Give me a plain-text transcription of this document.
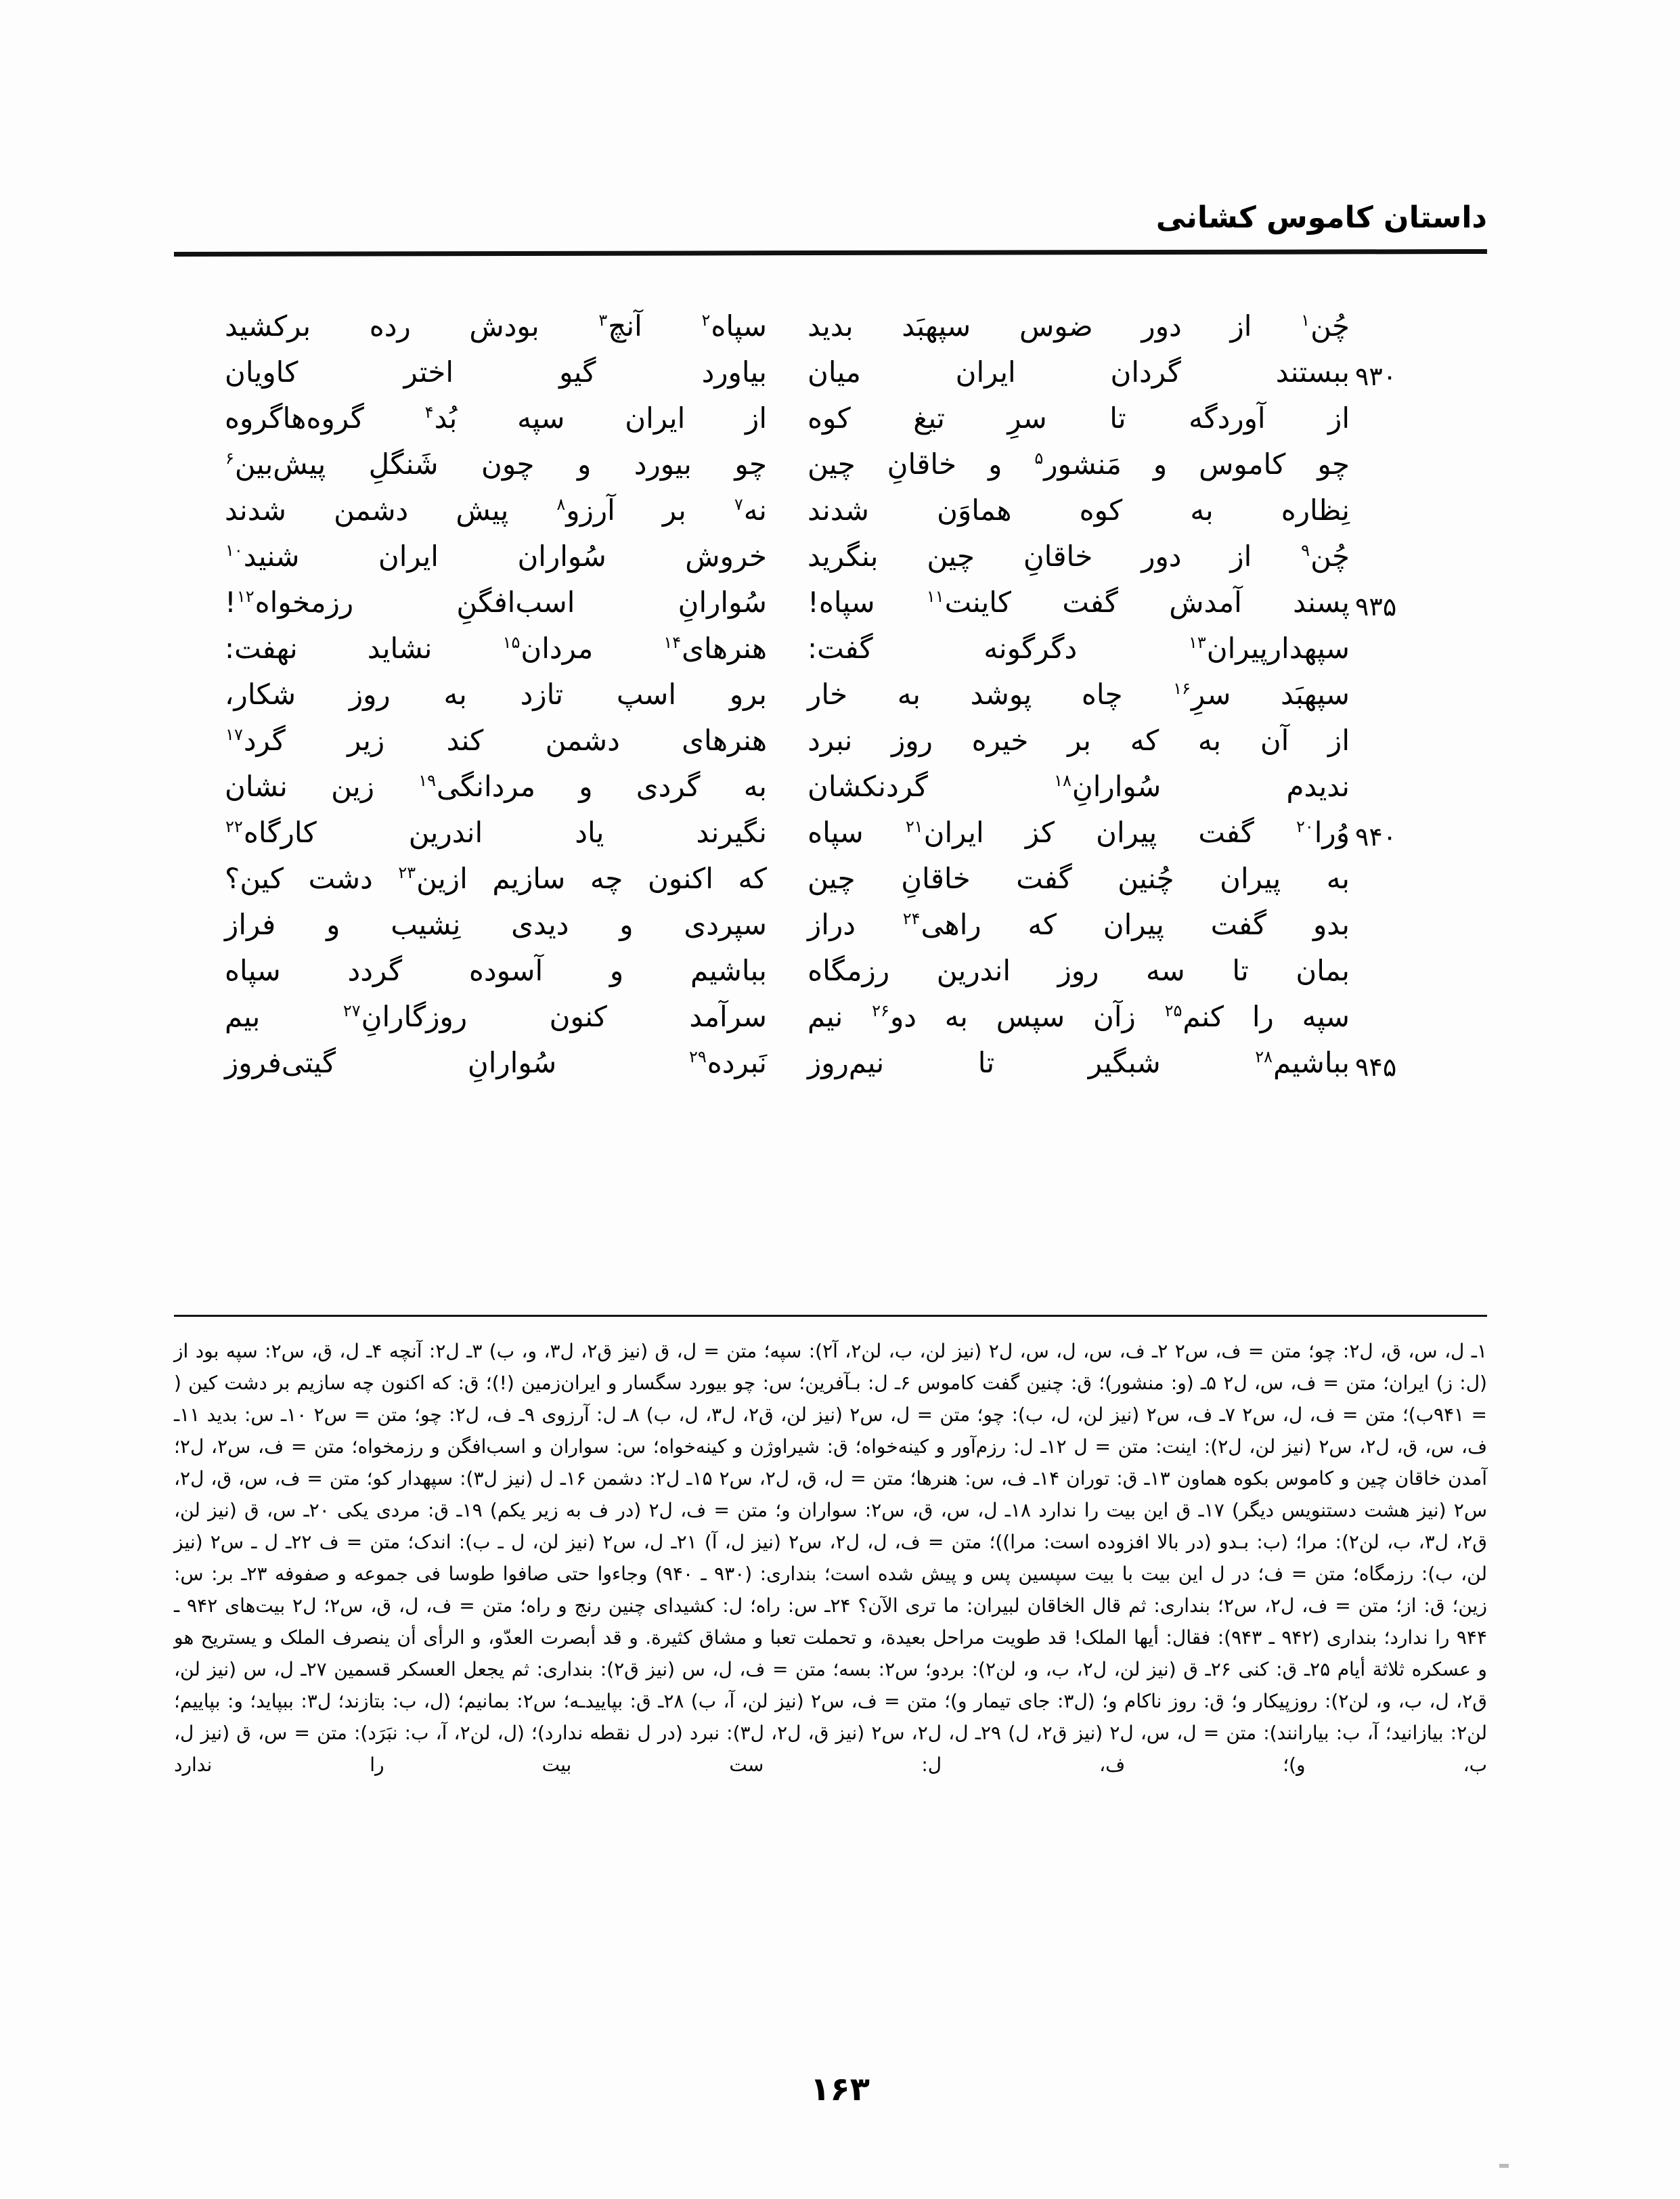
داستان کاموس کشانی
چُن$^۱$
از
دور
ضوس
سپهبَد
بدید
سپاه$^۲$
آنچ$^۳$
بودش
رده
برکشید
۹۳۰
ببستند
گردان
ایران
میان
بیاورد
گیو
اختر
کاویان
از
آوردگه
تا
سرِ
تیغ
کوه
از
ایران
سپه
بُد$^۴$
گروه‌هاگروه
چو
کاموس
و
مَنشور$^۵$
و
خاقانِ
چین
چو
بیورد
و
چون
شَنگلِ
پیش‌بین$^۶$
نِظاره
به
کوه
هماوَن
شدند
نه$^۷$
بر
آرزو$^۸$
پیش
دشمن
شدند
چُن$^۹$
از
دور
خاقانِ
چین
بنگرید
خروش
سُواران
ایران
شنید$^{۱۰}$
۹۳۵
پسند
آمدش
گفت
کاینت$^{۱۱}$
سپاه!
سُوارانِ
اسب‌افگنِ
رزمخواه$^{۱۲}$!
سپهدارپیران$^{۱۳}$
دگرگونه
گفت:
هنرهای$^{۱۴}$
مردان$^{۱۵}$
نشاید
نهفت:
سپهبَد
سرِ$^{۱۶}$
چاه
پوشد
به
خار
برو
اسپ
تازد
به
روز
شکار،
از
آن
به
که
بر
خیره
روز
نبرد
هنرهای
دشمن
کند
زیر
گرد$^{۱۷}$
ندیدم
سُوارانِ$^{۱۸}$
گردنکشان
به
گردی
و
مردانگی$^{۱۹}$
زین
نشان
۹۴۰
وُرا$^{۲۰}$
گفت
پیران
کز
ایران$^{۲۱}$
سپاه
نگیرند
یاد
اندرین
کارگاه$^{۲۲}$
به
پیران
چُنین
گفت
خاقانِ
چین
که
اکنون
چه
سازیم
ازین$^{۲۳}$
دشت
کین؟
بدو
گفت
پیران
که
راهی$^{۲۴}$
دراز
سپردی
و
دیدی
نِشیب
و
فراز
بمان
تا
سه
روز
اندرین
رزمگاه
بباشیم
و
آسوده
گردد
سپاه
سپه
را
کنم$^{۲۵}$
زآن
سپس
به
دو$^{۲۶}$
نیم
سرآمد
کنون
روزگارانِ$^{۲۷}$
بیم
۹۴۵
بباشیم$^{۲۸}$
شبگیر
تا
نیم‌روز
نَبرده$^{۲۹}$
سُوارانِ
گیتی‌فروز

۱ـ ل، س، ق، ل٢: چو؛ متن = ف، س٢ ۲ـ ف، س، ل، س، ل٢ (نیز لن، ب، لن٢، آ٢): سپه؛ متن = ل، ق (نیز ق٢، ل٣، و، ب) ۳ـ ل٢: آنچه ۴ـ ل، ق، س٢: سپه بود از (ل: ز) ایران؛ متن = ف، س، ل٢ ۵ـ (و: منشور)؛ ق: چنین گفت کاموس ۶ـ ل: بـآفرین؛ س: چو بیورد سگسار و ایران‌زمین (!)؛ ق: که اکنون چه سازیم بر دشت کین ( = ۹۴۱ب)؛ متن = ف، ل، س٢ ۷ـ ف، س٢ (نیز لن، ل، ب): چو؛ متن = ل، س٢ (نیز لن، ق٢، ل٣، ل، ب) ۸ـ ل: آرزوی ۹ـ ف، ل٢: چو؛ متن = س٢ ۱۰ـ س: بدید ۱۱ـ ف، س، ق، ل٢، س٢ (نیز لن، ل٢): اینت: متن = ل ۱۲ـ ل: رزم‌آور و کینه‌خواه؛ ق: شیراوژن و کینه‌خواه؛ س: سواران و اسب‌افگن و رزمخواه؛ متن = ف، س٢، ل٢؛ آمدن خاقان چین و کاموس بکوه هماون ۱۳ـ ق: توران ۱۴ـ ف، س: هنرها؛ متن = ل، ق، ل٢، س٢ ۱۵ـ ل٢: دشمن ۱۶ـ ل (نیز ل٣): سپهدار کو؛ متن = ف، س، ق، ل٢، س٢ (نیز هشت دستنویس دیگر) ۱۷ـ ق این بیت را ندارد ۱۸ـ ل، س، ق، س٢: سواران و؛ متن = ف، ل٢ (در ف به زیر یکم) ۱۹ـ ق: مردی یکی ۲۰ـ س، ق (نیز لن، ق٢، ل٣، ب، لن٢): مرا؛ (ب: بـدو (در بالا افزوده است: مرا))؛ متن = ف، ل، ل٢، س٢ (نیز ل، آ) ۲۱ـ ل، س٢ (نیز لن، ل ـ ب): اندک؛ متن = ف ۲۲ـ ل ـ س٢ (نیز لن، ب): رزمگاه؛ متن = ف؛ در ل این بیت با بیت سپسین پس و پیش شده است؛ بنداری: (۹۳۰ ـ ۹۴۰) وجاءوا حتی صافوا طوسا فی جموعه و صفوفه ۲۳ـ بر: س: زین؛ ق: از؛ متن = ف، ل٢، س٢؛ بنداری: ثم قال الخاقان لبیران: ما تری الآن؟ ۲۴ـ س: راه؛ ل: کشیدای چنین رنج و راه؛ متن = ف، ل، ق، س٢؛ ل٢ بیت‌های ۹۴۲ ـ ۹۴۴ را ندارد؛ بنداری (۹۴۲ ـ ۹۴۳): فقال: أیها الملک! قد طویت مراحل بعیدة، و تحملت تعبا و مشاق کثیرة. و قد أبصرت العدّو، و الرأی أن ینصرف الملک و یستریح هو و عسکره ثلاثة أیام ۲۵ـ ق: کنی ۲۶ـ ق (نیز لن، ل٢، ب، و، لن٢): بردو؛ س٢: بسه؛ متن = ف، ل، س (نیز ق٢): بنداری: ثم یجعل العسکر قسمین ۲۷ـ ل، س (نیز لن، ق٢، ل، ب، و، لن٢): روزپیکار و؛ ق: روز ناکام و؛ (ل٣: جای تیمار و)؛ متن = ف، س٢ (نیز لن، آ، ب) ۲۸ـ ق: بپاییدـه؛ س٢: بمانیم؛ (ل، ب: بتازند؛ ل٣: ببپاید؛ و: بپاییم؛ لن٢: بیازانید؛ آ، ب: بیارانند): متن = ل، س، ل٢ (نیز ق٢، ل) ۲۹ـ ل، ل٢، س٢ (نیز ق، ل٢، ل٣): نبرد (در ل نقطه ندارد)؛ (ل، لن٢، آ، ب: نبَرَد): متن = س، ق (نیز ل، ب، و)؛ ف، ل: ست بیت را ندارد

۱۶۳
